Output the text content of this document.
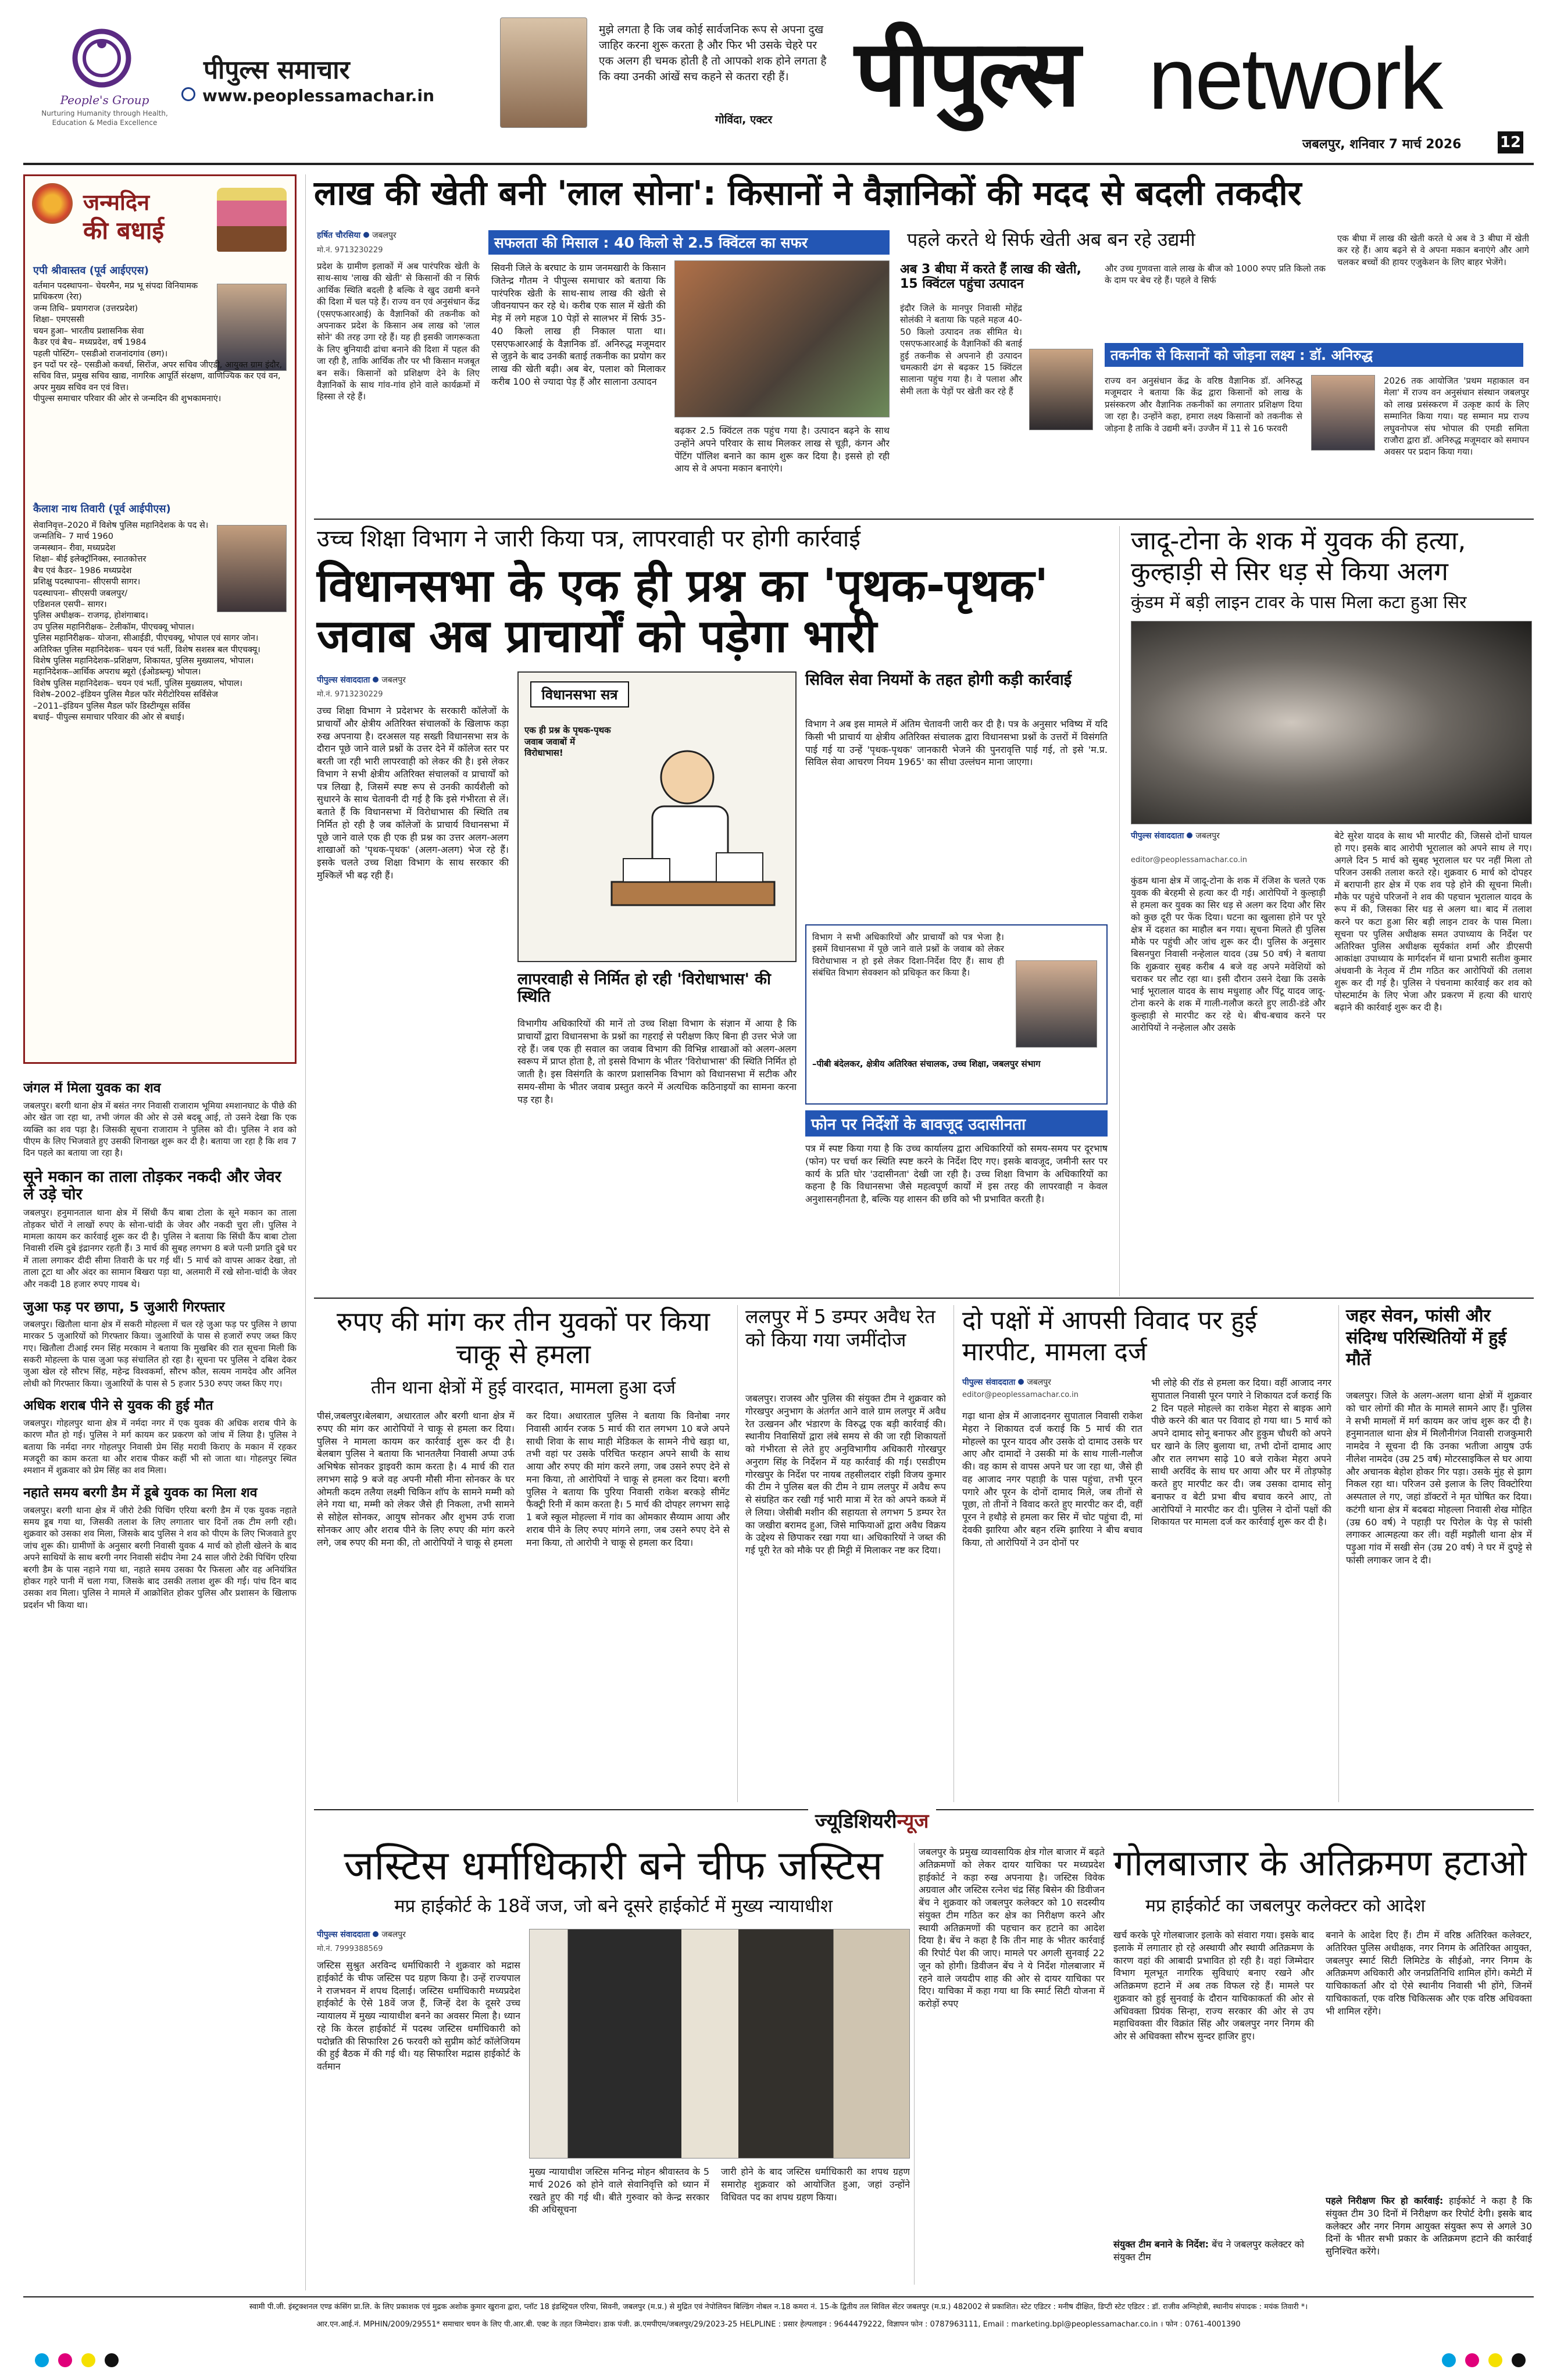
People's Group
Nurturing Humanity through Health, Education & Media Excellence
पीपुल्स समाचार
www.peoplessamachar.in
मुझे लगता है कि जब कोई सार्वजनिक रूप से अपना दुख जाहिर करना शुरू करता है और फिर भी उसके चेहरे पर एक अलग ही चमक होती है तो आपको शक होने लगता है कि क्या उनकी आंखें सच कहने से कतरा रही हैं।
गोविंदा, एक्टर पीपुल्स network
जबलपुर, शनिवार 7 मार्च 2026	12
जन्मदिन
की बधाई
एपी श्रीवास्तव (पूर्व आईएएस)
वर्तमान पदस्थापना– चेयरमैन, मप्र भू संपदा विनियामक प्राधिकरण (रेरा)
जन्म तिथि– प्रयागराज (उत्तरप्रदेश)
शिक्षा– एमएससी
चयन हुआ– भारतीय प्रशासनिक सेवा
कैडर एवं बैच– मध्यप्रदेश, वर्ष 1984
पहली पोस्टिंग– एसडीओ राजनांदगांव (छग)।
इन पदों पर रहे– एसडीओ कवर्धा, सिरोंज, अपर सचिव जीएडी, आयुक्त ग्राम इंदौर, सचिव वित्त, प्रमुख सचिव खाद्य, नागरिक आपूर्ति संरक्षण, वाणिज्यिक कर एवं वन, अपर मुख्य सचिव वन एवं वित्त।
पीपुल्स समाचार परिवार की ओर से जन्मदिन की शुभकामनाएं।
कैलाश नाथ तिवारी (पूर्व आईपीएस)
सेवानिवृत्त–2020 में विशेष पुलिस महानिदेशक के पद से।
जन्मतिथि– 7 मार्च 1960
जन्मस्थान– रीवा, मध्यप्रदेश
शिक्षा– बीई इलेक्ट्रॉनिक्स, स्नातकोत्तर
बैच एवं कैडर– 1986 मध्यप्रदेश
प्रशिक्षु पदस्थापना– सीएसपी सागर।
पदस्थापना– सीएसपी जबलपुर/
एडिशनल एसपी– सागर।
पुलिस अधीक्षक– राजगढ़, होशंगाबाद।
उप पुलिस महानिरीक्षक– टेलीकॉम, पीएचक्यू भोपाल।
पुलिस महानिरीक्षक– योजना, सीआईडी, पीएचक्यू, भोपाल एवं सागर जोन।
अतिरिक्त पुलिस महानिदेशक– चयन एवं भर्ती, विशेष सशस्त्र बल पीएचक्यू।
विशेष पुलिस महानिदेशक–प्रशिक्षण, शिकायत, पुलिस मुख्यालय, भोपाल।
महानिदेशक–आर्थिक अपराध ब्यूरो (ईओडब्ल्यू) भोपाल।
विशेष पुलिस महानिदेशक– चयन एवं भर्ती, पुलिस मुख्यालय, भोपाल।
विशेष–2002–इंडियन पुलिस मैडल फॉर मेरीटोरियस सर्विसेज
–2011–इंडियन पुलिस मैडल फॉर डिस्टीग्यूस सर्विस
बधाई– पीपुल्स समाचार परिवार की ओर से बधाई।
जंगल में मिला युवक का शव
जबलपुर। बरगी थाना क्षेत्र में बसंत नगर निवासी राजाराम भूमिया श्मशानघाट के पीछे की ओर खेत जा रहा था, तभी जंगल की ओर से उसे बदबू आई, तो उसने देखा कि एक व्यक्ति का शव पड़ा है। जिसकी सूचना राजाराम ने पुलिस को दी। पुलिस ने शव को पीएम के लिए भिजवाते हुए उसकी शिनाख्त शुरू कर दी है। बताया जा रहा है कि शव 7 दिन पहले का बताया जा रहा है।
सूने मकान का ताला तोड़कर नकदी और जेवर ले उड़े चोर
जबलपुर। हनुमानताल थाना क्षेत्र में सिंधी कैंप बाबा टोला के सूने मकान का ताला तोड़कर चोरों ने लाखों रुपए के सोना-चांदी के जेवर और नकदी चुरा ली। पुलिस ने मामला कायम कर कार्रवाई शुरू कर दी है। पुलिस ने बताया कि सिंधी कैंप बाबा टोला निवासी रश्मि दुबे इंद्रानगर रहती हैं। 3 मार्च की सुबह लगभग 8 बजे पत्नी प्रगति दुबे घर में ताला लगाकर दीदी सीमा तिवारी के घर गई थीं। 5 मार्च को वापस आकर देखा, तो ताला टूटा था और अंदर का सामान बिखरा पड़ा था, अलमारी में रखे सोना-चांदी के जेवर और नकदी 18 हजार रुपए गायब थे।
जुआ फड़ पर छापा, 5 जुआरी गिरफ्तार
जबलपुर। खितौला थाना क्षेत्र में सकरी मोहल्ला में चल रहे जुआ फड़ पर पुलिस ने छापा मारकर 5 जुआरियों को गिरफ्तार किया। जुआरियों के पास से हजारों रुपए जब्त किए गए। खितौला टीआई रमन सिंह मरकाम ने बताया कि मुखबिर की रात सूचना मिली कि सकरी मोहल्ला के पास जुआ फड़ संचालित हो रहा है। सूचना पर पुलिस ने दबिश देकर जुआ खेल रहे सौरभ सिंह, महेन्द्र विश्वकर्मा, सौरभ कौल, सत्यम नामदेव और अनिल लोधी को गिरफ्तार किया। जुआरियों के पास से 5 हजार 530 रुपए जब्त किए गए।
अधिक शराब पीने से युवक की हुई मौत
जबलपुर। गोहलपुर थाना क्षेत्र में नर्मदा नगर में एक युवक की अधिक शराब पीने के कारण मौत हो गई। पुलिस ने मर्ग कायम कर प्रकरण को जांच में लिया है। पुलिस ने बताया कि नर्मदा नगर गोहलपुर निवासी प्रेम सिंह मरावी किराए के मकान में रहकर मजदूरी का काम करता था और शराब पीकर कहीं भी सो जाता था। गोहलपुर स्थित श्मशान में शुक्रवार को प्रेम सिंह का शव मिला।
नहाते समय बरगी डैम में डूबे युवक का मिला शव
जबलपुर। बरगी थाना क्षेत्र में जीरो टेकी पिचिंग एरिया बरगी डैम में एक युवक नहाते समय डूब गया था, जिसकी तलाश के लिए लगातार चार दिनों तक टीम लगी रही। शुक्रवार को उसका शव मिला, जिसके बाद पुलिस ने शव को पीएम के लिए भिजवाते हुए जांच शुरू की। ग्रामीणों के अनुसार बरगी निवासी युवक 4 मार्च को होली खेलने के बाद अपने साथियों के साथ बरगी नगर निवासी संदीप नेमा 24 साल जीरो टेकी पिचिंग एरिया बरगी डैम के पास नहाने गया था, नहाते समय उसका पैर फिसला और वह अनियंत्रित होकर गहरे पानी में चला गया, जिसके बाद उसकी तलाश शुरू की गई। पांच दिन बाद उसका शव मिला। पुलिस ने मामले में आक्रोशित होकर पुलिस और प्रशासन के खिलाफ प्रदर्शन भी किया था।
लाख की खेती बनी 'लाल सोना': किसानों ने वैज्ञानिकों की मदद से बदली तकदीर
हर्षित चौरसिया जबलपुर
मो.नं. 9713230229
प्रदेश के ग्रामीण इलाकों में अब पारंपरिक खेती के साथ-साथ 'लाख की खेती' से किसानों की न सिर्फ आर्थिक स्थिति बदली है बल्कि वे खुद उद्यमी बनने की दिशा में चल पड़े हैं। राज्य वन एवं अनुसंधान केंद्र (एसएफआरआई) के वैज्ञानिकों की तकनीक को अपनाकर प्रदेश के किसान अब लाख को 'लाल सोने' की तरह उगा रहे हैं। यह ही इसकी जागरूकता के लिए बुनियादी ढांचा बनाने की दिशा में पहल की जा रही है, ताकि आर्थिक तौर पर भी किसान मजबूत बन सकें। किसानों को प्रशिक्षण देने के लिए वैज्ञानिकों के साथ गांव-गांव होने वाले कार्यक्रमों में हिस्सा ले रहे हैं।
सफलता की मिसाल : 40 किलो से 2.5 क्विंटल का सफर
सिवनी जिले के बरघाट के ग्राम जनमखारी के किसान जितेन्द्र गौतम ने पीपुल्स समाचार को बताया कि पारंपरिक खेती के साथ-साथ लाख की खेती से जीवनयापन कर रहे थे। करीब एक साल में खेती की मेड़ में लगे महज 10 पेड़ों से सालभर में सिर्फ 35-40 किलो लाख ही निकाल पाता था। एसएफआरआई के वैज्ञानिक डॉ. अनिरुद्ध मजूमदार से जुड़ने के बाद उनकी बताई तकनीक का प्रयोग कर लाख की खेती बढ़ी। अब बेर, पलाश को मिलाकर करीब 100 से ज्यादा पेड़ हैं और सालाना उत्पादन
बढ़कर 2.5 क्विंटल तक पहुंच गया है। उत्पादन बढ़ने के साथ उन्होंने अपने परिवार के साथ मिलकर लाख से चूड़ी, कंगन और पेंटिंग पॉलिश बनाने का काम शुरू कर दिया है। इससे हो रही आय से वे अपना मकान बनाएंगे।
पहले करते थे सिर्फ खेती अब बन रहे उद्यमी
अब 3 बीघा में करते हैं लाख की खेती, 15 क्विंटल पहुंचा उत्पादन
इंदौर जिले के मानपुर निवासी मोहेंद्र सोलंकी ने बताया कि पहले महज 40-50 किलो उत्पादन तक सीमित थे। एसएफआरआई के वैज्ञानिकों की बताई हुई तकनीक से अपनाने ही उत्पादन चमत्कारी ढंग से बढ़कर 15 क्विंटल सालाना पहुंच गया है। वे पलाश और सेमी लता के पेड़ों पर खेती कर रहे हैं
और उच्च गुणवत्ता वाले लाख के बीज को 1000 रुपए प्रति किलो तक के दाम पर बेच रहे हैं। पहले वे सिर्फ
तकनीक से किसानों को जोड़ना लक्ष्य : डॉ. अनिरुद्ध
राज्य वन अनुसंधान केंद्र के वरिष्ठ वैज्ञानिक डॉ. अनिरुद्ध मजूमदार ने बताया कि केंद्र द्वारा किसानों को लाख के प्रसंस्करण और वैज्ञानिक तकनीकों का लगातार प्रशिक्षण दिया जा रहा है। उन्होंने कहा, हमारा लक्ष्य किसानों को तकनीक से जोड़ना है ताकि वे उद्यमी बनें। उज्जैन में 11 से 16 फरवरी
एक बीघा में लाख की खेती करते थे अब वे 3 बीघा में खेती कर रहे हैं। आय बढ़ने से वे अपना मकान बनाएंगे और आगे चलकर बच्चों की हायर एजुकेशन के लिए बाहर भेजेंगे।
2026 तक आयोजित 'प्रथम महाकाल वन मेला' में राज्य वन अनुसंधान संस्थान जबलपुर को लाख प्रसंस्करण में उत्कृष्ट कार्य के लिए सम्मानित किया गया। यह सम्मान मप्र राज्य लघुवनोपज संघ भोपाल की एमडी समिता राजौरा द्वारा डॉ. अनिरुद्ध मजूमदार को समापन अवसर पर प्रदान किया गया।
उच्च शिक्षा विभाग ने जारी किया पत्र, लापरवाही पर होगी कार्रवाई
विधानसभा के एक ही प्रश्न का 'पृथक-पृथक' जवाब अब प्राचार्यों को पड़ेगा भारी
पीपुल्स संवाददाता जबलपुर
मो.नं. 9713230229
उच्च शिक्षा विभाग ने प्रदेशभर के सरकारी कॉलेजों के प्राचार्यों और क्षेत्रीय अतिरिक्त संचालकों के खिलाफ कड़ा रुख अपनाया है। दरअसल यह सख्ती विधानसभा सत्र के दौरान पूछे जाने वाले प्रश्नों के उत्तर देने में कॉलेज स्तर पर बरती जा रही भारी लापरवाही को लेकर की है। इसे लेकर विभाग ने सभी क्षेत्रीय अतिरिक्त संचालकों व प्राचार्यों को पत्र लिखा है, जिसमें स्पष्ट रूप से उनकी कार्यशैली को सुधारने के साथ चेतावनी दी गई है कि इसे गंभीरता से लें। बताते हैं कि विधानसभा में विरोधाभास की स्थिति तब निर्मित हो रही है जब कॉलेजों के प्राचार्य विधानसभा में पूछे जाने वाले एक ही एक ही प्रश्न का उत्तर अलग-अलग शाखाओं को 'पृथक-पृथक' (अलग-अलग) भेज रहे हैं। इसके चलते उच्च शिक्षा विभाग के साथ सरकार की मुश्किलें भी बढ़ रही हैं।
विधानसभा सत्र
एक ही प्रश्न के पृथक-पृथक जवाब जवाबों में विरोधाभास!
लापरवाही से निर्मित हो रही 'विरोधाभास' की स्थिति
विभागीय अधिकारियों की मानें तो उच्च शिक्षा विभाग के संज्ञान में आया है कि प्राचार्यों द्वारा विधानसभा के प्रश्नों का गहराई से परीक्षण किए बिना ही उत्तर भेजे जा रहे हैं। जब एक ही सवाल का जवाब विभाग की विभिन्न शाखाओं को अलग-अलग स्वरूप में प्राप्त होता है, तो इससे विभाग के भीतर 'विरोधाभास' की स्थिति निर्मित हो जाती है। इस विसंगति के कारण प्रशासनिक विभाग को विधानसभा में सटीक और समय-सीमा के भीतर जवाब प्रस्तुत करने में अत्यधिक कठिनाइयों का सामना करना पड़ रहा है।
सिविल सेवा नियमों के तहत होगी कड़ी कार्रवाई
विभाग ने अब इस मामले में अंतिम चेतावनी जारी कर दी है। पत्र के अनुसार भविष्य में यदि किसी भी प्राचार्य या क्षेत्रीय अतिरिक्त संचालक द्वारा विधानसभा प्रश्नों के उत्तरों में विसंगति पाई गई या उन्हें 'पृथक-पृथक' जानकारी भेजने की पुनरावृत्ति पाई गई, तो इसे 'म.प्र. सिविल सेवा आचरण नियम 1965' का सीधा उल्लंघन माना जाएगा।
विभाग ने सभी अधिकारियों और प्राचार्यों को पत्र भेजा है। इसमें विधानसभा में पूछे जाने वाले प्रश्नों के जवाब को लेकर विरोधाभास न हो इसे लेकर दिशा-निर्देश दिए हैं। साथ ही संबंधित विभाग सेवक्शन को प्रधिकृत कर किया है।
–पीबी बंदेलकर, क्षेत्रीय अतिरिक्त संचालक, उच्च शिक्षा, जबलपुर संभाग
फोन पर निर्देशों के बावजूद उदासीनता
पत्र में स्पष्ट किया गया है कि उच्च कार्यालय द्वारा अधिकारियों को समय-समय पर दूरभाष (फोन) पर चर्चा कर स्थिति स्पष्ट करने के निर्देश दिए गए। इसके बावजूद, जमीनी स्तर पर कार्य के प्रति घोर 'उदासीनता' देखी जा रही है। उच्च शिक्षा विभाग के अधिकारियों का कहना है कि विधानसभा जैसे महत्वपूर्ण कार्यों में इस तरह की लापरवाही न केवल अनुशासनहीनता है, बल्कि यह शासन की छवि को भी प्रभावित करती है।
जादू-टोना के शक में युवक की हत्या, कुल्हाड़ी से सिर धड़ से किया अलग
कुंडम में बड़ी लाइन टावर के पास मिला कटा हुआ सिर
पीपुल्स संवाददाता जबलपुर
editor@peoplessamachar.co.in
कुंडम थाना क्षेत्र में जादू-टोना के शक में रंजिश के चलते एक युवक की बेरहमी से हत्या कर दी गई। आरोपियों ने कुल्हाड़ी से हमला कर युवक का सिर धड़ से अलग कर दिया और सिर को कुछ दूरी पर फेंक दिया। घटना का खुलासा होने पर पूरे क्षेत्र में दहशत का माहौल बन गया। सूचना मिलते ही पुलिस मौके पर पहुंची और जांच शुरू कर दी। पुलिस के अनुसार बिसनपुरा निवासी नन्हेलाल यादव (उम्र 50 वर्ष) ने बताया कि शुक्रवार सुबह करीब 4 बजे वह अपने मवेशियों को चराकर घर लौट रहा था। इसी दौरान उसने देखा कि उसके भाई भूरालाल यादव के साथ मधुशाह और पिंटू यादव जादू-टोना करने के शक में गाली-गलौज करते हुए लाठी-डंडे और कुल्हाड़ी से मारपीट कर रहे थे। बीच-बचाव करने पर आरोपियों ने नन्हेलाल और उसके
बेटे सुरेश यादव के साथ भी मारपीट की, जिससे दोनों घायल हो गए। इसके बाद आरोपी भूरालाल को अपने साथ ले गए। अगले दिन 5 मार्च को सुबह भूरालाल घर पर नहीं मिला तो परिजन उसकी तलाश करते रहे। शुक्रवार 6 मार्च को दोपहर में बरापानी हार क्षेत्र में एक शव पड़े होने की सूचना मिली। मौके पर पहुंचे परिजनों ने शव की पहचान भूरालाल यादव के रूप में की, जिसका सिर धड़ से अलग था। बाद में तलाश करने पर कटा हुआ सिर बड़ी लाइन टावर के पास मिला। सूचना पर पुलिस अधीक्षक समत उपाध्याय के निर्देश पर अतिरिक्त पुलिस अधीक्षक सूर्यकांत शर्मा और डीएसपी आकांक्षा उपाध्याय के मार्गदर्शन में थाना प्रभारी सतीश कुमार अंधवानी के नेतृत्व में टीम गठित कर आरोपियों की तलाश शुरू कर दी गई है। पुलिस ने पंचनामा कार्रवाई कर शव को पोस्टमार्टम के लिए भेजा और प्रकरण में हत्या की धाराएं बढ़ाने की कार्रवाई शुरू कर दी है।
रुपए की मांग कर तीन युवकों पर किया चाकू से हमला
तीन थाना क्षेत्रों में हुई वारदात, मामला हुआ दर्ज
पीसं,जबलपुर।बेलबाग, अधारताल और बरगी थाना क्षेत्र में रुपए की मांग कर आरोपियों ने चाकू से हमला कर दिया। पुलिस ने मामला कायम कर कार्रवाई शुरू कर दी है। बेलबाग पुलिस ने बताया कि भानतलैया निवासी अप्पा उर्फ अभिषेक सोनकर ड्राइवरी काम करता है। 4 मार्च की रात लगभग साढ़े 9 बजे वह अपनी मौसी मीना सोनकर के घर ओमती कदम तलैया लक्ष्मी चिकिन शॉप के सामने मम्मी को लेने गया था, मम्मी को लेकर जैसे ही निकला, तभी सामने से सोहेल सोनकर, आयुष सोनकर और शुभम उर्फ राजा सोनकर आए और शराब पीने के लिए रुपए की मांग करने लगे, जब रुपए की मना की, तो आरोपियों ने चाकू से हमला
कर दिया। अधारताल पुलिस ने बताया कि विनोबा नगर निवासी आर्यन रजक 5 मार्च की रात लगभग 10 बजे अपने साथी शिवा के साथ माही मेडिकल के सामने नीचे खड़ा था, तभी वहां पर उसके परिचित फरहान अपने साथी के साथ आया और रुपए की मांग करने लगा, जब उसने रुपए देने से मना किया, तो आरोपियों ने चाकू से हमला कर दिया। बरगी पुलिस ने बताया कि पुरिया निवासी राकेश बरकड़े सीमेंट फैक्ट्री रिनी में काम करता है। 5 मार्च की दोपहर लगभग साढ़े 1 बजे स्कूल मोहल्ला में गांव का ओमकार सैय्याम आया और शराब पीने के लिए रुपए मांगने लगा, जब उसने रुपए देने से मना किया, तो आरोपी ने चाकू से हमला कर दिया।
ललपुर में 5 डम्पर अवैध रेत को किया गया जमींदोज
जबलपुर। राजस्व और पुलिस की संयुक्त टीम ने शुक्रवार को गोरखपुर अनुभाग के अंतर्गत आने वाले ग्राम ललपुर में अवैध रेत उत्खनन और भंडारण के विरुद्ध एक बड़ी कार्रवाई की। स्थानीय निवासियों द्वारा लंबे समय से की जा रही शिकायतों को गंभीरता से लेते हुए अनुविभागीय अधिकारी गोरखपुर अनुराग सिंह के निर्देशन में यह कार्रवाई की गई। एसडीएम गोरखपुर के निर्देश पर नायब तहसीलदार रांझी विजय कुमार की टीम ने पुलिस बल की टीम ने ग्राम ललपुर में अवैध रूप से संग्रहित कर रखी गई भारी मात्रा में रेत को अपने कब्जे में ले लिया। जेसीबी मशीन की सहायता से लगभग 5 डम्पर रेत का जखीरा बरामद हुआ, जिसे माफियाओं द्वारा अवैध विक्रय के उद्देश्य से छिपाकर रखा गया था। अधिकारियों ने जब्त की गई पूरी रेत को मौके पर ही मिट्टी में मिलाकर नष्ट कर दिया।
दो पक्षों में आपसी विवाद पर हुई मारपीट, मामला दर्ज
पीपुल्स संवाददाता जबलपुर
editor@peoplessamachar.co.in
गढ़ा थाना क्षेत्र में आजादनगर सुपाताल निवासी राकेश मेहरा ने शिकायत दर्ज कराई कि 5 मार्च की रात मोहल्ले का पूरन यादव और उसके दो दामाद उसके घर आए और दामादों ने उसकी मां के साथ गाली-गलौज की। वह काम से वापस अपने घर जा रहा था, जैसे ही वह आजाद नगर पहाड़ी के पास पहुंचा, तभी पूरन पगारे और पूरन के दोनों दामाद मिले, जब तीनों से पूछा, तो तीनों ने विवाद करते हुए मारपीट कर दी, वहीं पूरन ने हथौड़े से हमला कर सिर में चोट पहुंचा दी, मां देवकी झारिया और बहन रश्मि झारिया ने बीच बचाव किया, तो आरोपियों ने उन दोनों पर
भी लोहे की रॉड से हमला कर दिया। वहीं आजाद नगर सुपाताल निवासी पूरन पगारे ने शिकायत दर्ज कराई कि 2 दिन पहले मोहल्ले का राकेश मेहरा से बाइक आगे पीछे करने की बात पर विवाद हो गया था। 5 मार्च को अपने दामाद सोनू बनाफर और हुकुम चौधरी को अपने घर खाने के लिए बुलाया था, तभी दोनों दामाद आए और रात लगभग साढ़े 10 बजे राकेश मेहरा अपने साथी अरविंद के साथ घर आया और घर में तोड़फोड़ करते हुए मारपीट कर दी। जब उसका दामाद सोनू बनाफर व बेटी प्रभा बीच बचाव करने आए, तो आरोपियों ने मारपीट कर दी। पुलिस ने दोनों पक्षों की शिकायत पर मामला दर्ज कर कार्रवाई शुरू कर दी है।
जहर सेवन, फांसी और संदिग्ध परिस्थितियों में हुई मौतें
जबलपुर। जिले के अलग-अलग थाना क्षेत्रों में शुक्रवार को चार लोगों की मौत के मामले सामने आए हैं। पुलिस ने सभी मामलों में मर्ग कायम कर जांच शुरू कर दी है। हनुमानताल थाना क्षेत्र में मिलौनीगंज निवासी राजकुमारी नामदेव ने सूचना दी कि उनका भतीजा आयुष उर्फ नीलेश नामदेव (उम्र 25 वर्ष) मोटरसाइकिल से घर आया और अचानक बेहोश होकर गिर पड़ा। उसके मुंह से झाग निकल रहा था। परिजन उसे इलाज के लिए विक्टोरिया अस्पताल ले गए, जहां डॉक्टरों ने मृत घोषित कर दिया। कटंगी थाना क्षेत्र में बदबदा मोहल्ला निवासी शेख मोहित (उम्र 60 वर्ष) ने पहाड़ी पर पिरोल के पेड़ से फांसी लगाकर आत्महत्या कर ली। वहीं मझौली थाना क्षेत्र में पड़ुआ गांव में सखी सेन (उम्र 20 वर्ष) ने घर में दुपट्टे से फांसी लगाकर जान दे दी।
ज्यूडिशियरीन्यूज
जस्टिस धर्माधिकारी बने चीफ जस्टिस
मप्र हाईकोर्ट के 18वें जज, जो बने दूसरे हाईकोर्ट में मुख्य न्यायाधीश
पीपुल्स संवाददाता जबलपुर
मो.नं. 7999388569
जस्टिस सुश्रुत अरविन्द धर्माधिकारी ने शुक्रवार को मद्रास हाईकोर्ट के चीफ जस्टिस पद ग्रहण किया है। उन्हें राज्यपाल ने राजभवन में शपथ दिलाई। जस्टिस धर्माधिकारी मध्यप्रदेश हाईकोर्ट के ऐसे 18वें जज हैं, जिन्हें देश के दूसरे उच्च न्यायालय में मुख्य न्यायाधीश बनने का अवसर मिला है। ध्यान रहे कि केरल हाईकोर्ट में पदस्थ जस्टिस धर्माधिकारी को पदोन्नति की सिफारिश 26 फरवरी को सुप्रीम कोर्ट कॉलेजियम की हुई बैठक में की गई थी। यह सिफारिश मद्रास हाईकोर्ट के वर्तमान
मुख्य न्यायाधीश जस्टिस मनिन्द्र मोहन श्रीवास्तव के 5 मार्च 2026 को होने वाले सेवानिवृत्ति को ध्यान में रखते हुए की गई थी। बीते गुरुवार को केन्द्र सरकार की अधिसूचना
जारी होने के बाद जस्टिस धर्माधिकारी का शपथ ग्रहण समारोह शुक्रवार को आयोजित हुआ, जहां उन्होंने विधिवत पद का शपथ ग्रहण किया।
जबलपुर के प्रमुख व्यावसायिक क्षेत्र गोल बाजार में बढ़ते अतिक्रमणों को लेकर दायर याचिका पर मध्यप्रदेश हाईकोर्ट ने कड़ा रुख अपनाया है। जस्टिस विवेक अग्रवाल और जस्टिस रत्नेश चंद्र सिंह बिसेन की डिवीजन बेंच ने शुक्रवार को जबलपुर कलेक्टर को 10 सदस्यीय संयुक्त टीम गठित कर क्षेत्र का निरीक्षण करने और स्थायी अतिक्रमणों की पहचान कर हटाने का आदेश दिया है। बेंच ने कहा है कि तीन माह के भीतर कार्रवाई की रिपोर्ट पेश की जाए। मामले पर अगली सुनवाई 22 जून को होगी। डिवीजन बेंच ने ये निर्देश गोलबाजार में रहने वाले जयदीप शाह की ओर से दायर याचिका पर दिए। याचिका में कहा गया था कि स्मार्ट सिटी योजना में करोड़ों रुपए
गोलबाजार के अतिक्रमण हटाओ
मप्र हाईकोर्ट का जबलपुर कलेक्टर को आदेश
खर्च करके पूरे गोलबाजार इलाके को संवारा गया। इसके बाद इलाके में लगातार हो रहे अस्थायी और स्थायी अतिक्रमण के कारण वहां की आबादी प्रभावित हो रही है। वहां जिम्मेदार विभाग मूलभूत नागरिक सुविधाएं बनाए रखने और अतिक्रमण हटाने में अब तक विफल रहे हैं। मामले पर शुक्रवार को हुई सुनवाई के दौरान याचिकाकर्ता की ओर से अधिवक्ता प्रियंक सिन्हा, राज्य सरकार की ओर से उप महाधिवक्ता वीर विक्रांत सिंह और जबलपुर नगर निगम की ओर से अधिवक्ता सौरभ सुन्दर हाजिर हुए।
संयुक्त टीम बनाने के निर्देश: बेंच ने जबलपुर कलेक्टर को संयुक्त टीम
बनाने के आदेश दिए हैं। टीम में वरिष्ठ अतिरिक्त कलेक्टर, अतिरिक्त पुलिस अधीक्षक, नगर निगम के अतिरिक्त आयुक्त, जबलपुर स्मार्ट सिटी लिमिटेड के सीईओ, नगर निगम के अतिक्रमण अधिकारी और जनप्रतिनिधि शामिल होंगे। कमेटी में याचिकाकर्ता और दो ऐसे स्थानीय निवासी भी होंगे, जिनमें याचिकाकर्ता, एक वरिष्ठ चिकित्सक और एक वरिष्ठ अधिवक्ता भी शामिल रहेंगे।
पहले निरीक्षण फिर हो कार्रवाई: हाईकोर्ट ने कहा है कि संयुक्त टीम 30 दिनों में निरीक्षण कर रिपोर्ट देगी। इसके बाद कलेक्टर और नगर निगम आयुक्त संयुक्त रूप से अगले 30 दिनों के भीतर सभी प्रकार के अतिक्रमण हटाने की कार्रवाई सुनिश्चित करेंगे।
स्वामी पी.जी. इंस्ट्रक्शनल एण्ड कंसिंग प्रा.लि. के लिए प्रकाशक एवं मुद्रक अशोक कुमार खुराना द्वारा, प्लॉट 18 इंडस्ट्रियल एरिया, सिवनी, जबलपुर (म.प्र.) से मुद्रित एवं नेपोलियन बिल्डिंग नोबल न.18 कमरा नं. 15-के द्वितीय तल सिविल सेंटर जबलपुर (म.प्र.) 482002 से प्रकाशित। स्टेट एडिटर : मनीष दीक्षित, डिप्टी स्टेट एडिटर : डॉ. राजीव अग्निहोत्री, स्थानीय संपादक : मयंक तिवारी *।
आर.एन.आई.नं. MPHIN/2009/29551* समाचार चयन के लिए पी.आर.बी. एक्ट के तहत जिम्मेदार। डाक पंजी. क्र.एमपीएम/जबलपुर/29/2023-25 HELPLINE : प्रसार हेल्पलाइन : 9644479222, विज्ञापन फोन : 0787963111, Email : marketing.bpl@peoplessamachar.co.in । फोन : 0761-4001390
